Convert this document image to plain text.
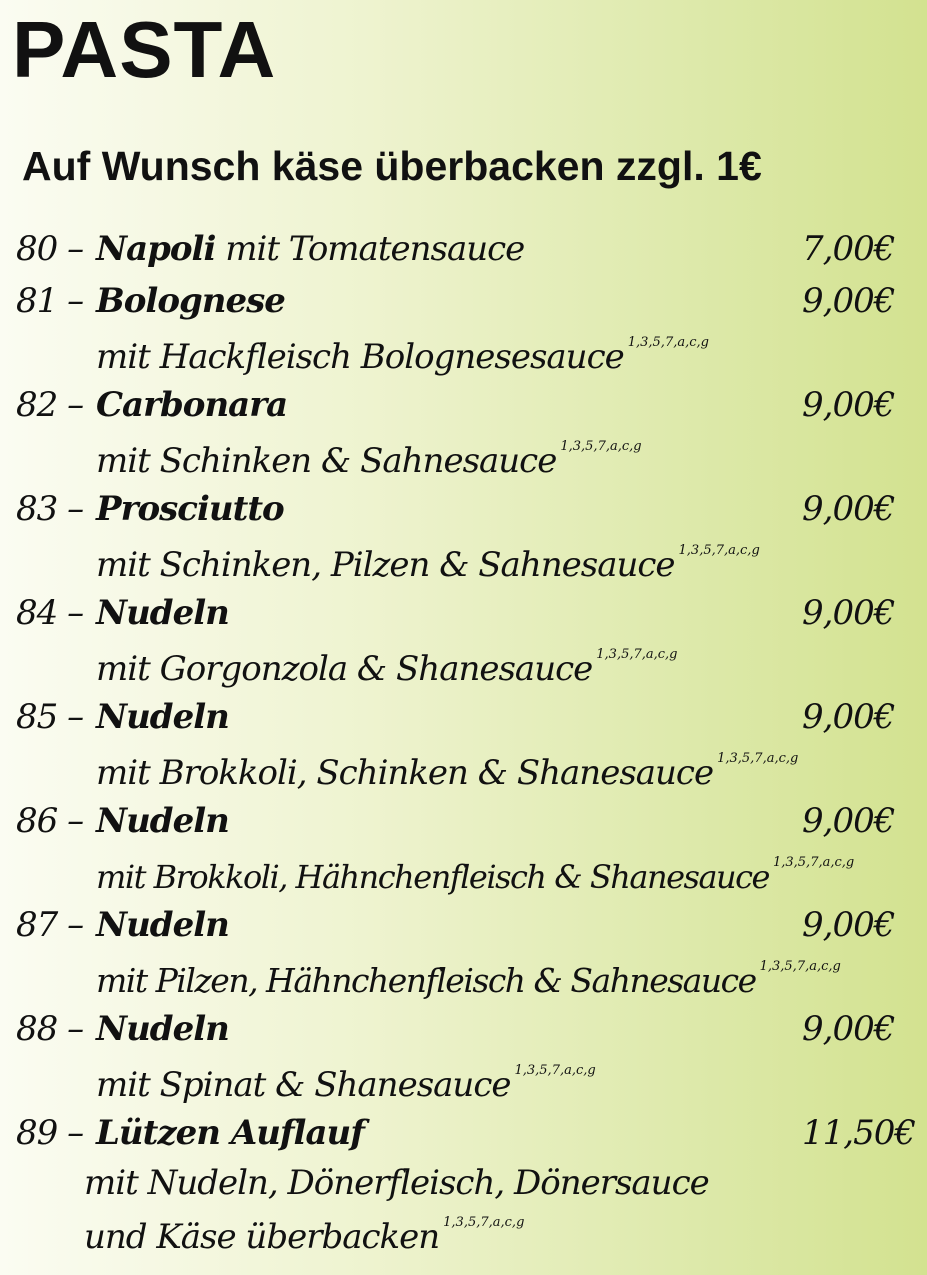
PASTA
Auf Wunsch käse überbacken zzgl. 1€
80 – Napoli mit Tomatensauce	7,00€
81 – Bolognese	9,00€
mit Hackfleisch Bolognesesauce $^{1,3,5,7,a,c,g}$
82 – Carbonara	9,00€
mit Schinken & Sahnesauce $^{1,3,5,7,a,c,g}$
83 – Prosciutto	9,00€
mit Schinken, Pilzen & Sahnesauce $^{1,3,5,7,a,c,g}$
84 – Nudeln	9,00€
mit Gorgonzola & Shanesauce $^{1,3,5,7,a,c,g}$
85 – Nudeln	9,00€
mit Brokkoli, Schinken & Shanesauce $^{1,3,5,7,a,c,g}$
86 – Nudeln	9,00€
mit Brokkoli, Hähnchenfleisch & Shanesauce $^{1,3,5,7,a,c,g}$
87 – Nudeln	9,00€
mit Pilzen, Hähnchenfleisch & Sahnesauce $^{1,3,5,7,a,c,g}$
88 – Nudeln	9,00€
mit Spinat & Shanesauce $^{1,3,5,7,a,c,g}$
89 – Lützen Auflauf	11,50€
mit Nudeln, Dönerfleisch, Dönersauce
und Käse überbacken $^{1,3,5,7,a,c,g}$
